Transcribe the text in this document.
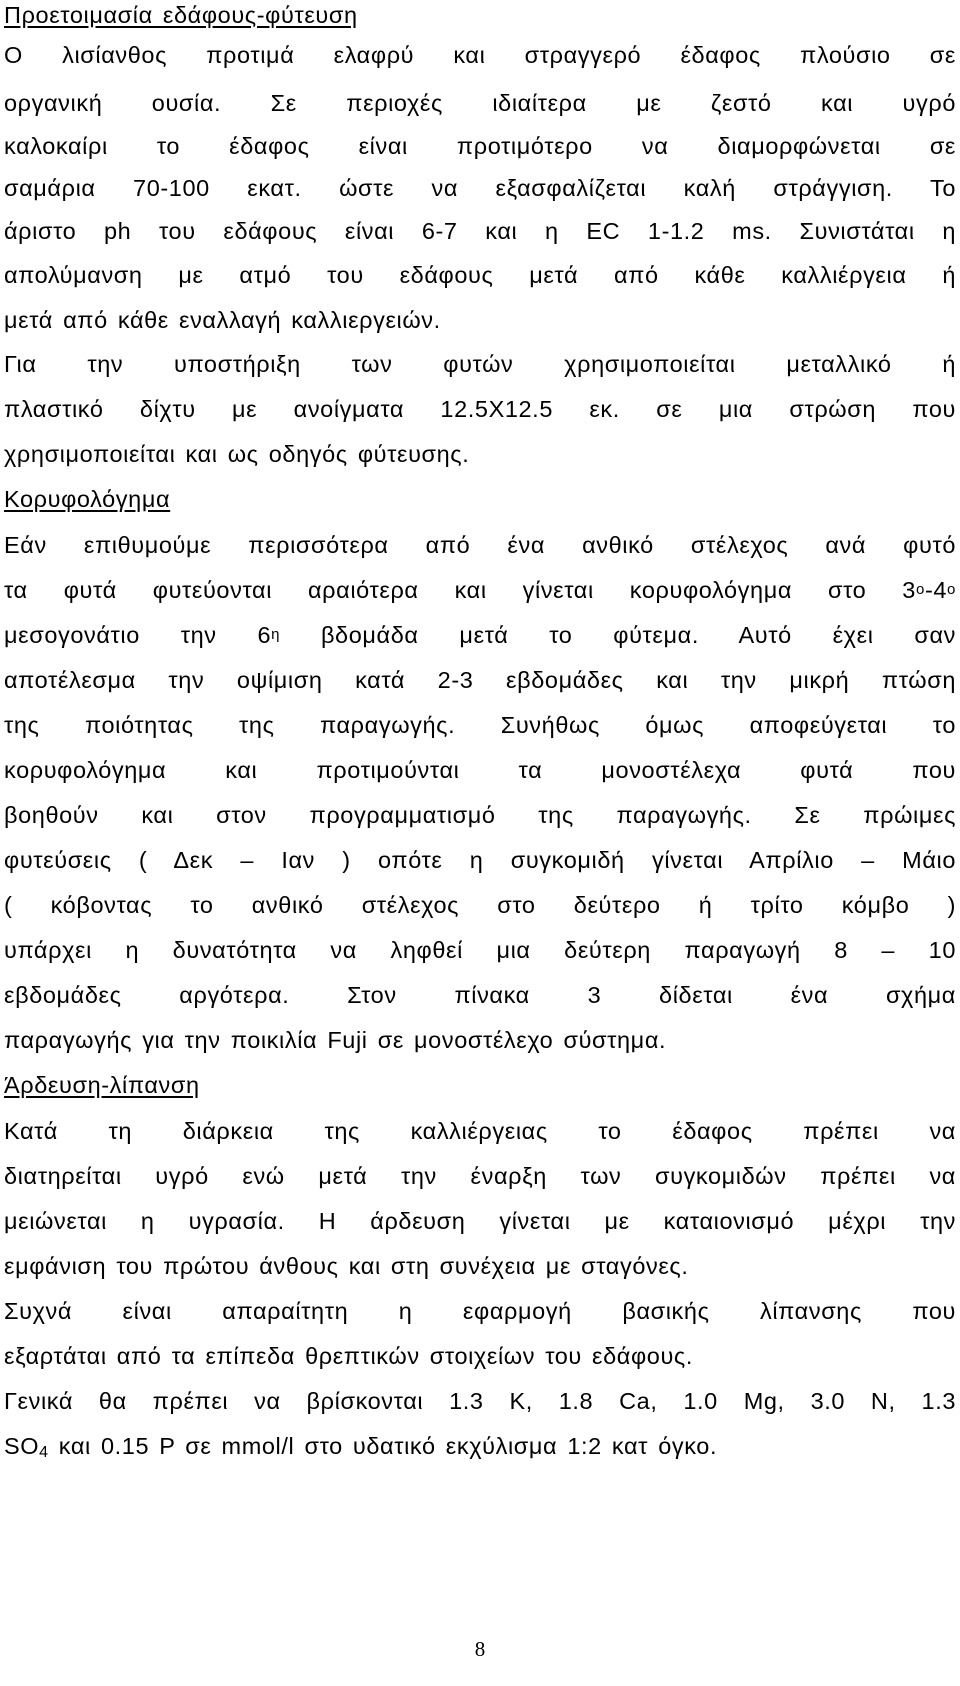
Προετοιμασία εδάφους-φύτευση
Ο λισίανθος προτιμά ελαφρύ και στραγγερό έδαφος πλούσιο σε
οργανική ουσία. Σε περιοχές ιδιαίτερα με ζεστό και υγρό
καλοκαίρι το έδαφος είναι προτιμότερο να διαμορφώνεται σε
σαμάρια 70-100 εκατ. ώστε να εξασφαλίζεται καλή στράγγιση. Το
άριστο ph του εδάφους είναι 6-7 και η EC 1-1.2 ms. Συνιστάται η
απολύμανση με ατμό του εδάφους μετά από κάθε καλλιέργεια ή
μετά από κάθε εναλλαγή καλλιεργειών.
Για την υποστήριξη των φυτών χρησιμοποιείται μεταλλικό ή
πλαστικό δίχτυ με ανοίγματα 12.5Χ12.5 εκ. σε μια στρώση που
χρησιμοποιείται και ως οδηγός φύτευσης.
Κορυφολόγημα
Εάν επιθυμούμε περισσότερα από ένα ανθικό στέλεχος ανά φυτό
τα φυτά φυτεύονται αραιότερα και γίνεται κορυφολόγημα στο $3^o-4^o$
μεσογονάτιο την $6^\eta$ βδομάδα μετά το φύτεμα. Αυτό έχει σαν
αποτέλεσμα την οψίμιση κατά 2-3 εβδομάδες και την μικρή πτώση
της ποιότητας της παραγωγής. Συνήθως όμως αποφεύγεται το
κορυφολόγημα και προτιμούνται τα μονοστέλεχα φυτά που
βοηθούν και στον προγραμματισμό της παραγωγής. Σε πρώιμες
φυτεύσεις ( Δεκ – Ιαν ) οπότε η συγκομιδή γίνεται Απρίλιο – Μάιο
( κόβοντας το ανθικό στέλεχος στο δεύτερο ή τρίτο κόμβο )
υπάρχει η δυνατότητα να ληφθεί μια δεύτερη παραγωγή 8 – 10
εβδομάδες αργότερα. Στον πίνακα 3 δίδεται ένα σχήμα
παραγωγής για την ποικιλία Fuji σε μονοστέλεχο σύστημα.
Άρδευση-λίπανση
Κατά τη διάρκεια της καλλιέργειας το έδαφος πρέπει να
διατηρείται υγρό ενώ μετά την έναρξη των συγκομιδών πρέπει να
μειώνεται η υγρασία. Η άρδευση γίνεται με καταιονισμό μέχρι την
εμφάνιση του πρώτου άνθους και στη συνέχεια με σταγόνες.
Συχνά είναι απαραίτητη η εφαρμογή βασικής λίπανσης που
εξαρτάται από τα επίπεδα θρεπτικών στοιχείων του εδάφους.
Γενικά θα πρέπει να βρίσκονται 1.3 K, 1.8 Ca, 1.0 Mg, 3.0 N, 1.3
$SO_4$ και 0.15 P σε mmol/l στο υδατικό εκχύλισμα 1:2 κατ όγκο.
8
